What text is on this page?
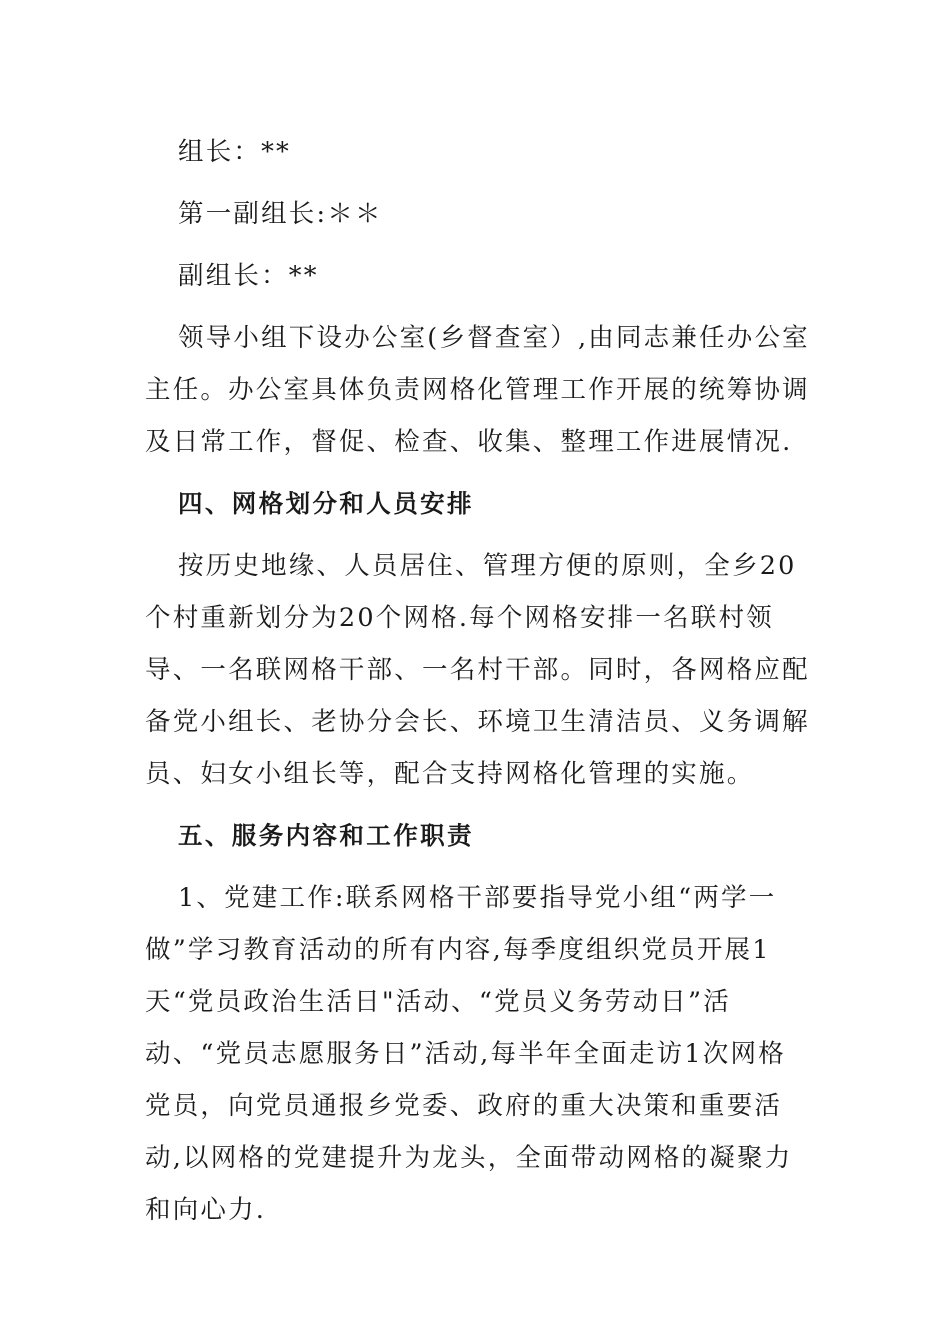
组长：**

第一副组长:＊＊

副组长：**

领导小组下设办公室(乡督查室）,由同志兼任办公室主任。办公室具体负责网格化管理工作开展的统筹协调及日常工作，督促、检查、收集、整理工作进展情况.

四、网格划分和人员安排

按历史地缘、人员居住、管理方便的原则，全乡20个村重新划分为20个网格.每个网格安排一名联村领导、一名联网格干部、一名村干部。同时，各网格应配备党小组长、老协分会长、环境卫生清洁员、义务调解员、妇女小组长等，配合支持网格化管理的实施。

五、服务内容和工作职责

1、党建工作:联系网格干部要指导党小组“两学一做”学习教育活动的所有内容,每季度组织党员开展1天“党员政治生活日"活动、“党员义务劳动日”活动、“党员志愿服务日”活动,每半年全面走访1次网格党员，向党员通报乡党委、政府的重大决策和重要活动,以网格的党建提升为龙头，全面带动网格的凝聚力和向心力.
